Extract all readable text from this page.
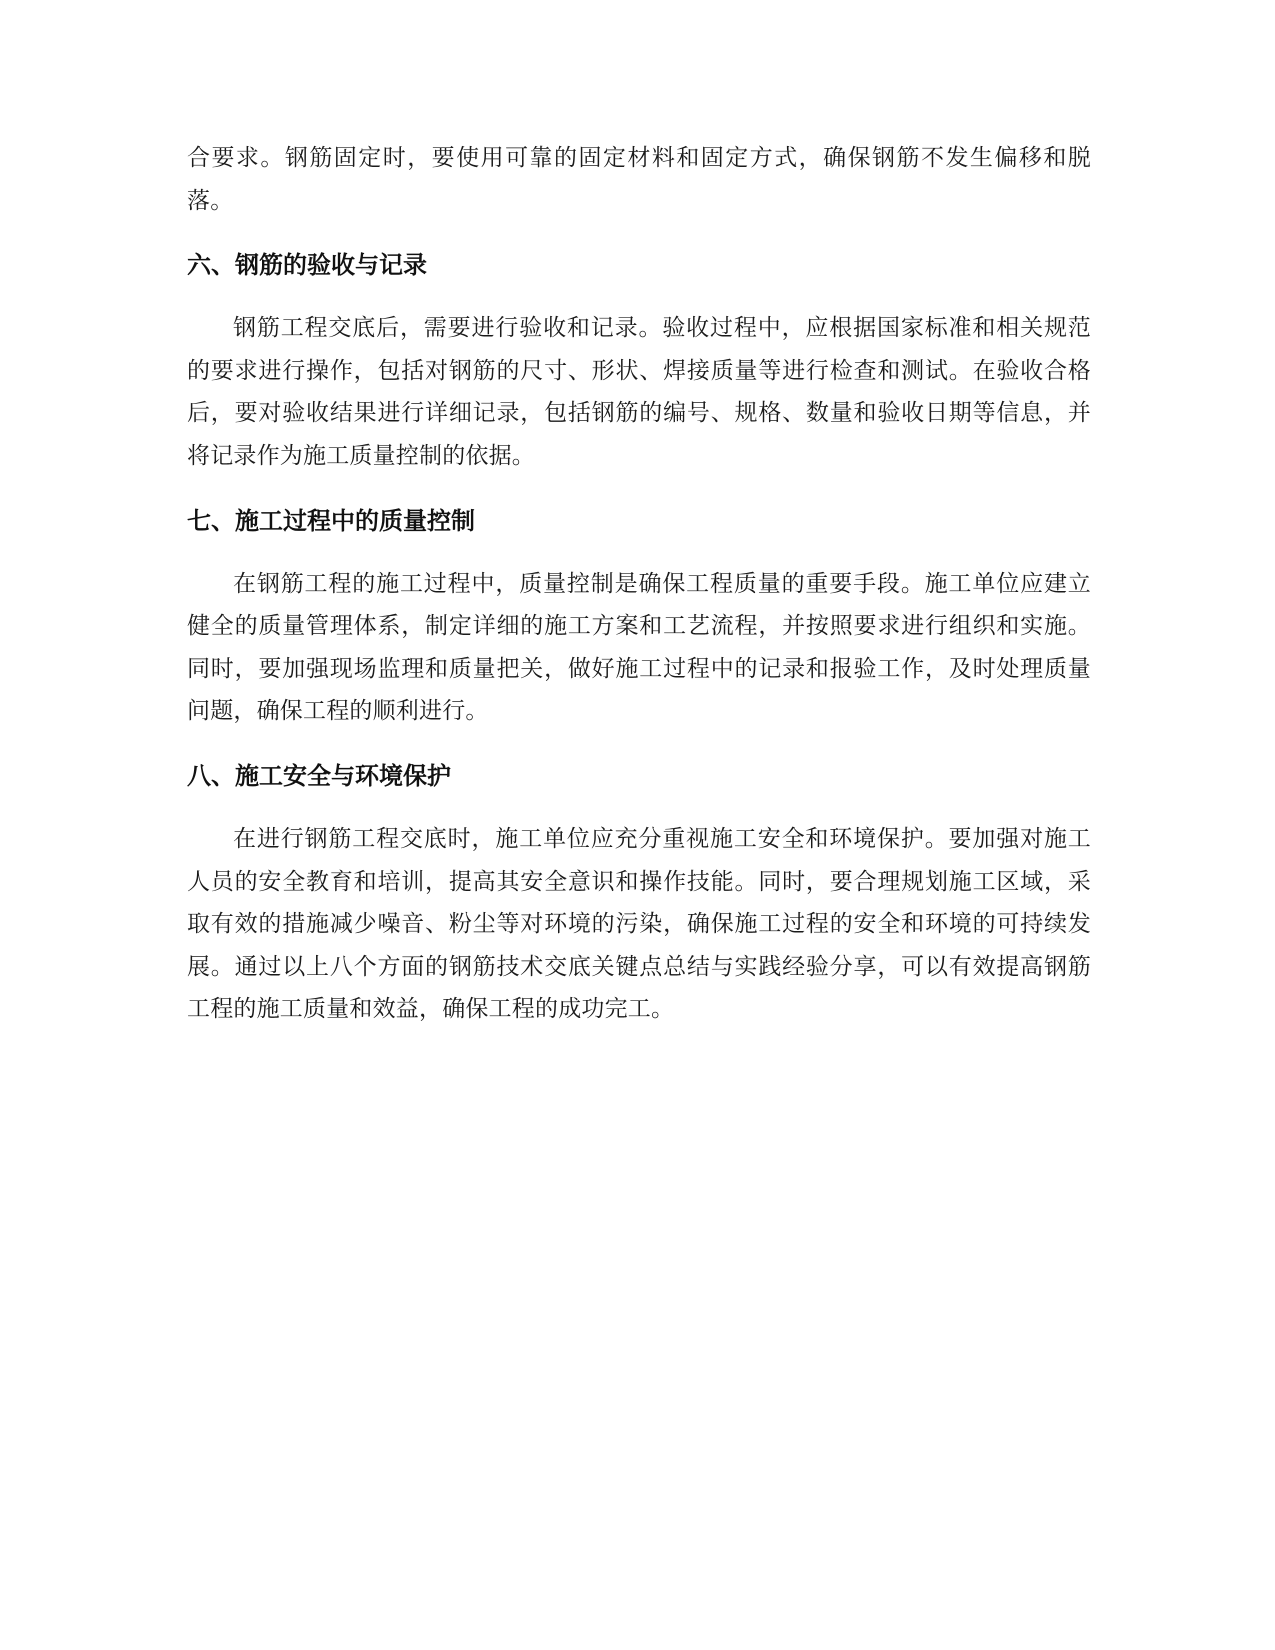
合要求。钢筋固定时，要使用可靠的固定材料和固定方式，确保钢筋不发生偏移和脱落。

六、钢筋的验收与记录

钢筋工程交底后，需要进行验收和记录。验收过程中，应根据国家标准和相关规范的要求进行操作，包括对钢筋的尺寸、形状、焊接质量等进行检查和测试。在验收合格后，要对验收结果进行详细记录，包括钢筋的编号、规格、数量和验收日期等信息，并将记录作为施工质量控制的依据。

七、施工过程中的质量控制

在钢筋工程的施工过程中，质量控制是确保工程质量的重要手段。施工单位应建立健全的质量管理体系，制定详细的施工方案和工艺流程，并按照要求进行组织和实施。同时，要加强现场监理和质量把关，做好施工过程中的记录和报验工作，及时处理质量问题，确保工程的顺利进行。

八、施工安全与环境保护

在进行钢筋工程交底时，施工单位应充分重视施工安全和环境保护。要加强对施工人员的安全教育和培训，提高其安全意识和操作技能。同时，要合理规划施工区域，采取有效的措施减少噪音、粉尘等对环境的污染，确保施工过程的安全和环境的可持续发展。通过以上八个方面的钢筋技术交底关键点总结与实践经验分享，可以有效提高钢筋工程的施工质量和效益，确保工程的成功完工。
